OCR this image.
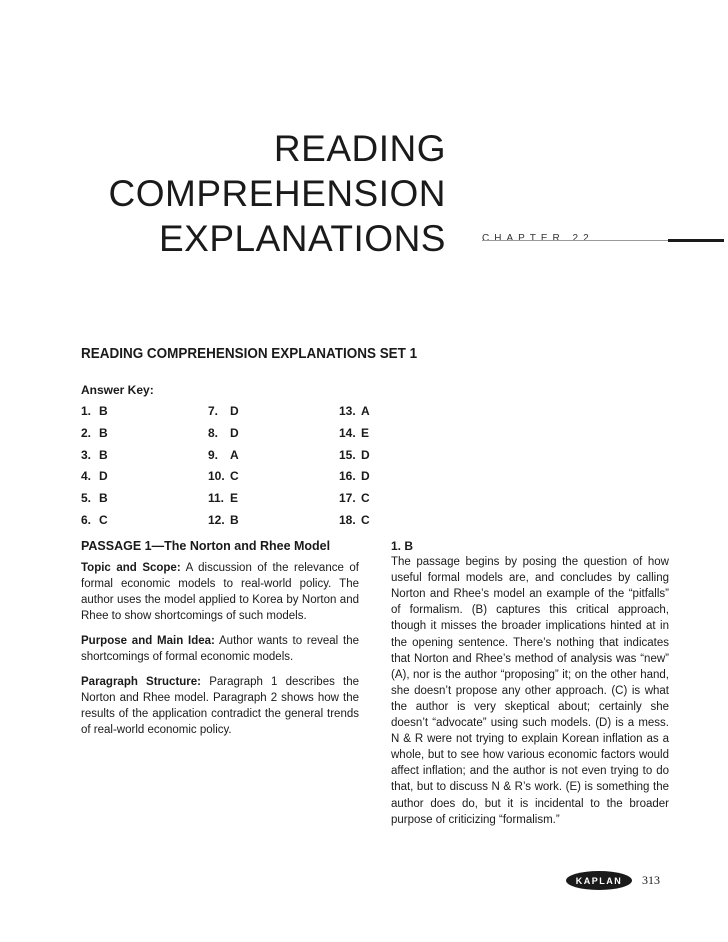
READING
COMPREHENSION
EXPLANATIONS	CHAPTER 22
READING COMPREHENSION EXPLANATIONS SET 1
Answer Key:
1. B
2. B
3. B
4. D
5. B
6. C
7. D
8. D
9. A
10. C
11. E
12. B
13. A
14. E
15. D
16. D
17. C
18. C
PASSAGE 1—The Norton and Rhee Model

Topic and Scope: A discussion of the relevance of formal economic models to real-world policy. The author uses the model applied to Korea by Norton and Rhee to show shortcomings of such models.

Purpose and Main Idea: Author wants to reveal the shortcomings of formal economic models.

Paragraph Structure: Paragraph 1 describes the Norton and Rhee model. Paragraph 2 shows how the results of the application contradict the general trends of real-world economic policy.

1. B

The passage begins by posing the question of how useful formal models are, and concludes by calling Norton and Rhee’s model an example of the “pitfalls” of formalism. (B) captures this critical approach, though it misses the broader implications hinted at in the opening sentence. There’s nothing that indicates that Norton and Rhee’s method of analysis was “new” (A), nor is the author “proposing” it; on the other hand, she doesn’t propose any other approach. (C) is what the author is very skeptical about; certainly she doesn’t “advocate” using such models. (D) is a mess. N & R were not trying to explain Korean inflation as a whole, but to see how various economic factors would affect inflation; and the author is not even trying to do that, but to discuss N & R’s work. (E) is something the author does do, but it is incidental to the broader purpose of criticizing “formalism.”

KAPLAN	313
